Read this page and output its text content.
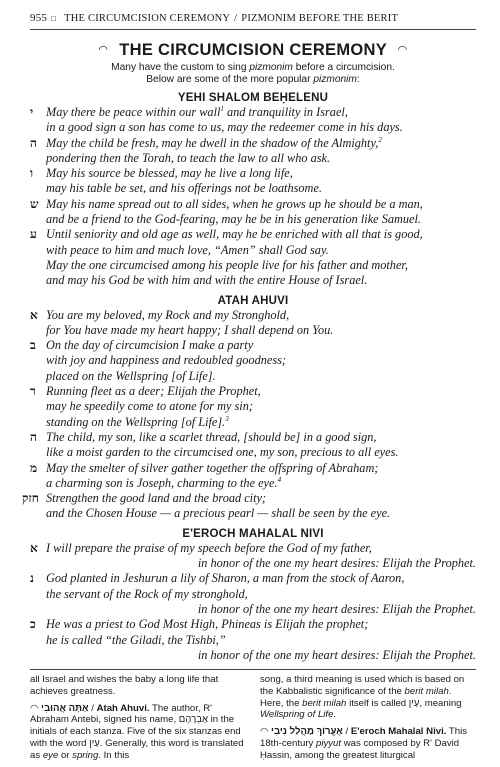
955 □ THE CIRCUMCISION CEREMONY / PIZMONIM BEFORE THE BERIT
◠ THE CIRCUMCISION CEREMONY ◠
Many have the custom to sing pizmonim before a circumcision.
Below are some of the more popular pizmonim:
YEHI SHALOM BEḤELENU
י	May there be peace within our wall$^1$ and tranquility in Israel,
in a good sign a son has come to us, may the redeemer come in his days.
ה May the child be fresh, may he dwell in the shadow of the Almighty,$^2$
pondering then the Torah, to teach the law to all who ask.
ו	May his source be blessed, may he live a long life,
may his table be set, and his offerings not be loathsome.
ש May his name spread out to all sides, when he grows up he should be a man,
and be a friend to the God-fearing, may he be in his generation like Samuel.
ע Until seniority and old age as well, may he be enriched with all that is good,
with peace to him and much love, “Amen” shall God say.
May the one circumcised among his people live for his father and mother,
and may his God be with him and with the entire House of Israel.
ATAH AHUVI
א You are my beloved, my Rock and my Stronghold,
for You have made my heart happy; I shall depend on You.
ב On the day of circumcision I make a party
with joy and happiness and redoubled goodness;
placed on the Wellspring [of Life].
ר Running fleet as a deer; Elijah the Prophet,
may he speedily come to atone for my sin;
standing on the Wellspring [of Life].$^3$
ה The child, my son, like a scarlet thread, [should be] in a good sign,
like a moist garden to the circumcised one, my son, precious to all eyes.
מ May the smelter of silver gather together the offspring of Abraham;
a charming son is Joseph, charming to the eye.$^4$
חזק Strengthen the good land and the broad city;
and the Chosen House — a precious pearl — shall be seen by the eye.
E'EROCH MAHALAL NIVI
א I will prepare the praise of my speech before the God of my father,
in honor of the one my heart desires: Elijah the Prophet.
נ God planted in Jeshurun a lily of Sharon, a man from the stock of Aaron,
the servant of the Rock of my stronghold,
in honor of the one my heart desires: Elijah the Prophet.
כ He was a priest to God Most High, Phineas is Elijah the prophet;
he is called “the Giladi, the Tishbi,”
in honor of the one my heart desires: Elijah the Prophet.

all Israel and wishes the baby a long life that achieves greatness.

◠ אַתָּה אֲהוּבִי / Atah Ahuvi. The author, R' Abraham Antebi, signed his name, אַבְרָהָם in the initials of each stanza. Five of the six stanzas end with the word עַיִן. Generally, this word is translated as eye or spring. In this

song, a third meaning is used which is based on the Kabbalistic significance of the berit milah. Here, the berit milah itself is called עַיִן, meaning Wellspring of Life.

◠ אֶעֱרוֹךְ מַהֲלַל נִיבִי / E'eroch Mahalal Nivi. This 18th-century piyyut was composed by R' David Ḥassin, among the greatest liturgical
